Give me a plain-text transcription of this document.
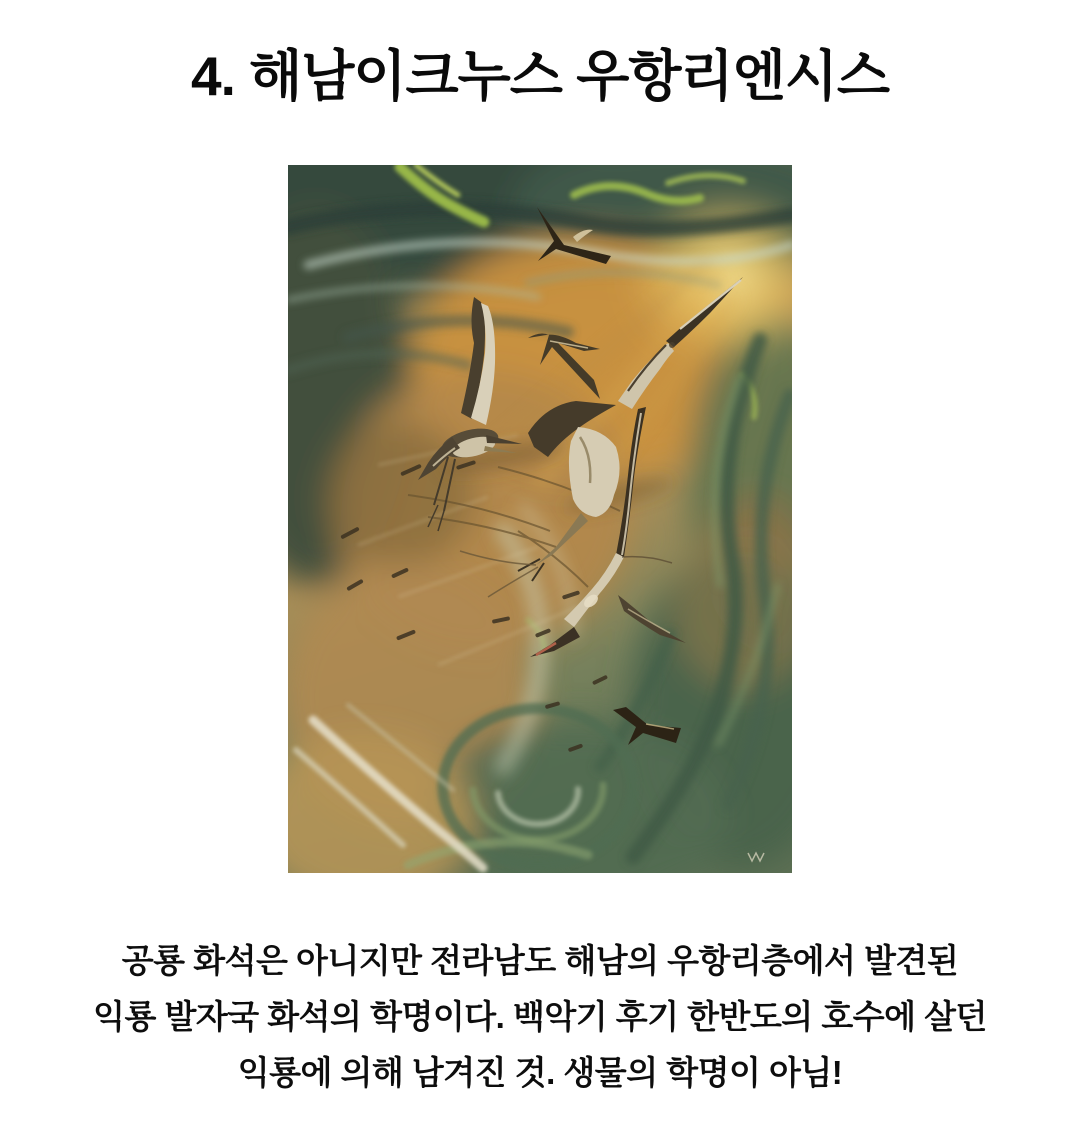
4. 해남이크누스 우항리엔시스
공룡 화석은 아니지만 전라남도 해남의 우항리층에서 발견된
익룡 발자국 화석의 학명이다. 백악기 후기 한반도의 호수에 살던
익룡에 의해 남겨진 것. 생물의 학명이 아님!
